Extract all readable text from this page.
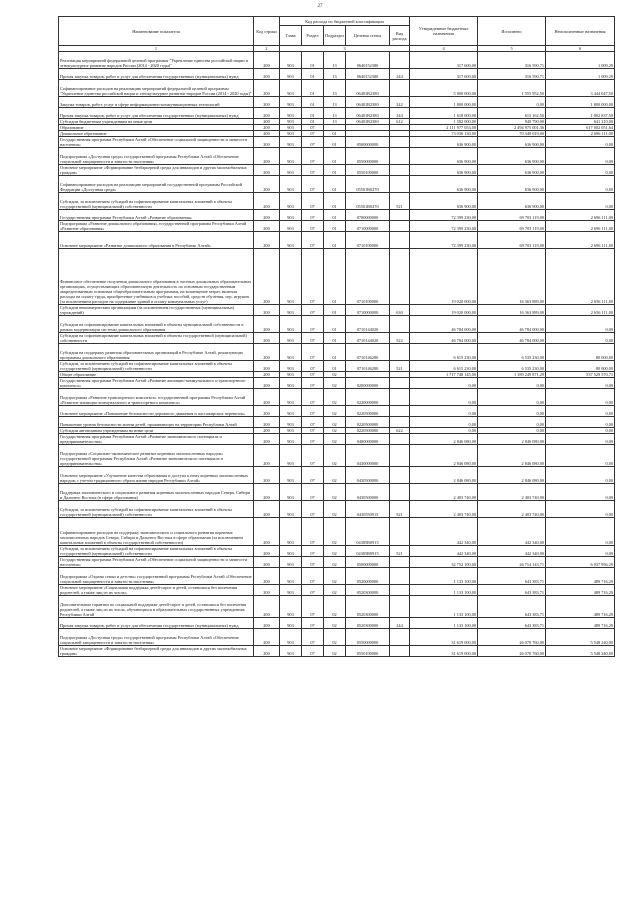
27
Наименование показателя	Код строки	Код расхода по бюджетной классификации					Утвержденные бюджетные назначения	Исполнено	Неисполненные назначения
		Глава	Раздел	Подраздел	Целевая статья	Вид расхода			
1	2	3					4	5	6
Реализация мероприятий федеральной целевой программы "Укрепление единства российской нации и этнокультурное развитие народов России (2014 - 2020 годы)"	200	903	01	13	0640152380		317 600,00	316 590,71	1 009,29
Прочая закупка товаров, работ и услуг для обеспечения государственных (муниципальных) нужд	200	903	01	13	0640152380	244	317 600,00	316 590,71	1 009,29
Софинансирование расходов на реализацию мероприятий федеральной целевой программы "Укрепление единства российской нации и этнокультурное развитие народов России (2014 - 2020 годы)"	200	903	01	13	06401R2380		5 000 000,00	1 555 952,50	3 444 047,50
Закупка товаров, работ, услуг в сфере информационно-коммуникационных технологий	200	903	01	13	06401R2380	242	1 800 000,00	0,00	1 800 000,00
Прочая закупка товаров, работ и услуг для обеспечения государственных (муниципальных) нужд	200	903	01	13	06401R2380	244	1 618 000,00	615 162,50	1 002 837,50
Субсидии бюджетным учреждениям на иные цели	200	903	01	13	06401R2380	612	1 582 000,00	940 790,00	641 210,00
Образование	200	903	07				2 111 977 053,00	2 494 975 001,36	617 002 051,64
Дошкольное образование	200	903	07	01			73 036 130,00	70 340 019,00	2 696 111,00
Государственная программа Республики Алтай «Обеспечение социальной защищенности и занятости населения»	200	903	07	01	0500000000		636 900,00	636 900,00	0,00
Подпрограмма «Доступная среда» государственной программы Республики Алтай «Обеспечение социальной защищенности и занятости населения»	200	903	07	01	0550000000		636 900,00	636 900,00	0,00
Основное мероприятие «Формирование безбарьерной среды для инвалидов и других маломобильных граждан»	200	903	07	01	0550100000		636 900,00	636 900,00	0,00
Софинансирование расходов на реализацию мероприятий государственной программы Российской Федерации «Доступная среда»	200	903	07	01	05501R0270		636 900,00	636 900,00	0,00
Субсидии, за исключением субсидий на софинансирование капитальных вложений в объекты государственной (муниципальной) собственности	200	903	07	01	05501R0270	521	636 900,00	636 900,00	0,00
Государственная программа Республики Алтай «Развитие образования»	200	903	07	01	0700000000		72 399 230,00	69 703 119,00	2 696 111,00
Подпрограмма «Развитие дошкольного образования» государственной программы Республики Алтай «Развитие образования»	200	903	07	01	0710000000		72 399 230,00	69 703 119,00	2 696 111,00
Основное мероприятие «Развитие дошкольного образования в Республике Алтай»	200	903	07	01	0710100000		72 399 230,00	69 703 119,00	2 696 111,00
Финансовое обеспечение получения дошкольного образования в частных дошкольных образовательных организациях, осуществляющих образовательную деятельность по основным государственным аккредитованным основным общеобразовательным программам, на возмещение затрат, включая расходы на оплату труда, приобретение учебников и учебных пособий, средств обучения, игр, игрушек (за исключением расходов на содержание зданий и оплату коммунальных услуг)	200	903	07	01	0710100000		19 020 000,00	16 363 889,00	2 656 111,00
Субсидии некоммерческим организациям (за исключением государственных (муниципальных) учреждений)	200	903	07	01	0710000000	630	19 020 000,00	16 363 889,00	2 656 111,00
Субсидии на софинансирование капитальных вложений в объекты муниципальной собственности в рамках модернизации системы дошкольного образования	200	903	07	01	0710144020		46 784 000,00	46 784 000,00	0,00
Субсидии на софинансирование капитальных вложений в объекты государственной (муниципальной) собственности	200	903	07	01	0710144020	522	46 784 000,00	46 784 000,00	0,00
Субсидии на поддержку развития образовательных организаций в Республике Алтай, реализующих программы дошкольного образования	200	903	07	01	0710146280		6 615 230,00	6 535 230,00	80 000,00
Субсидии, за исключением субсидий на софинансирование капитальных вложений в объекты государственной (муниципальной) собственности	200	903	07	01	0710146280	521	6 615 230,00	6 535 230,00	80 000,00
Общее образование	200	903	07	02			1 717 748 145,00	1 189 249 871,29	537 529 570,71
Государственная программа Республики Алтай «Развитие жилищно-коммунального и транспортного комплекса»	200	903	07	02	0200000000		0,00	0,00	0,00
Подпрограмма «Развитие транспортного комплекса» государственной программы Республики Алтай «Развитие жилищно-коммунального и транспортного комплекса»	200	903	07	02	0220000000		0,00	0,00	0,00
Основное мероприятие «Повышение безопасности дорожного движения и пассажирских перевозок»	200	903	07	02	0220500000		0,00	0,00	0,00
Повышение уровня безопасности жизни детей, проживающих на территории Республики Алтай	200	903	07	02	0220500000		0,00	0,00	0,00
Субсидии автономным учреждениям на иные цели	200	903	07	02	0220500000	622	0,00	0,00	0,00
Государственная программа Республики Алтай «Развитие экономического потенциала и предпринимательства»	200	903	07	02	0400000000		2 846 080,00	2 846 080,00	0,00
Подпрограмма «Социально-экономическое развитие коренных малочисленных народов» государственной программы Республики Алтай «Развитие экономического потенциала и предпринимательства»	200	903	07	02	0430000000		2 846 080,00	2 846 080,00	0,00
Основное мероприятие «Улучшение качества образования и доступа к нему коренных малочисленных народов, с учетом традиционного образа жизни народов Республики Алтай»	200	903	07	02	0430500000		2 846 080,00	2 846 080,00	0,00
Поддержка экономического и социального развития коренных малочисленных народов Севера, Сибири и Дальнего Востока (в сфере образования)	200	903	07	02	0430500000		2 403 740,00	2 403 740,00	0,00
Субсидии, за исключением субсидий на софинансирование капитальных вложений в объекты государственной (муниципальной) собственности	200	903	07	02	0430550915	521	2 403 740,00	2 403 740,00	0,00
Софинансирование расходов на поддержку экономического и социального развития коренных малочисленных народов Севера, Сибири и Дальнего Востока в сфере образования (за исключением капитальных вложений в объекты государственной собственности)	200	903	07	02	04305R0915		442 340,00	442 340,00	0,00
Субсидии, за исключением субсидий на софинансирование капитальных вложений в объекты государственной (муниципальной) собственности	200	903	07	02	04305R0915	521	442 340,00	442 340,00	0,00
Государственная программа Республики Алтай «Обеспечение социальной защищенности и занятости населения»	200	903	07	02	0500000000		32 752 100,00	26 714 143,71	6 037 956,29
Подпрограмма «Охрана семьи и детства» государственной программы Республики Алтай «Обеспечение социальной защищенности и занятости населения»	200	903	07	02	0520000000		1 133 100,00	643 383,71	489 716,29
Основное мероприятие «Социальная поддержка детей-сирот и детей, оставшихся без попечения родителей, а также лиц из их числа»	200	903	07	02	0520300000		1 133 100,00	643 383,71	489 716,29
Дополнительные гарантии по социальной поддержке детей-сирот и детей, оставшихся без попечения родителей, а также лиц из их числа, обучающихся в образовательных государственных учреждениях Республики Алтай	200	903	07	02	0520300000		1 133 100,00	643 383,71	489 716,29
Прочая закупка товаров, работ и услуг для обеспечения государственных (муниципальных) нужд	200	903	07	02	0520300000	244	1 133 100,00	643 383,71	489 716,29
Подпрограмма «Доступная среда» государственной программы Республики Алтай «Обеспечение социальной защищенности и занятости населения»	200	903	07	02	0550000000		31 619 000,00	26 070 760,00	5 548 240,00
Основное мероприятие «Формирование безбарьерной среды для инвалидов и других маломобильных граждан»	200	903	07	02	0550100000		31 619 000,00	26 070 760,00	5 548 240,00
